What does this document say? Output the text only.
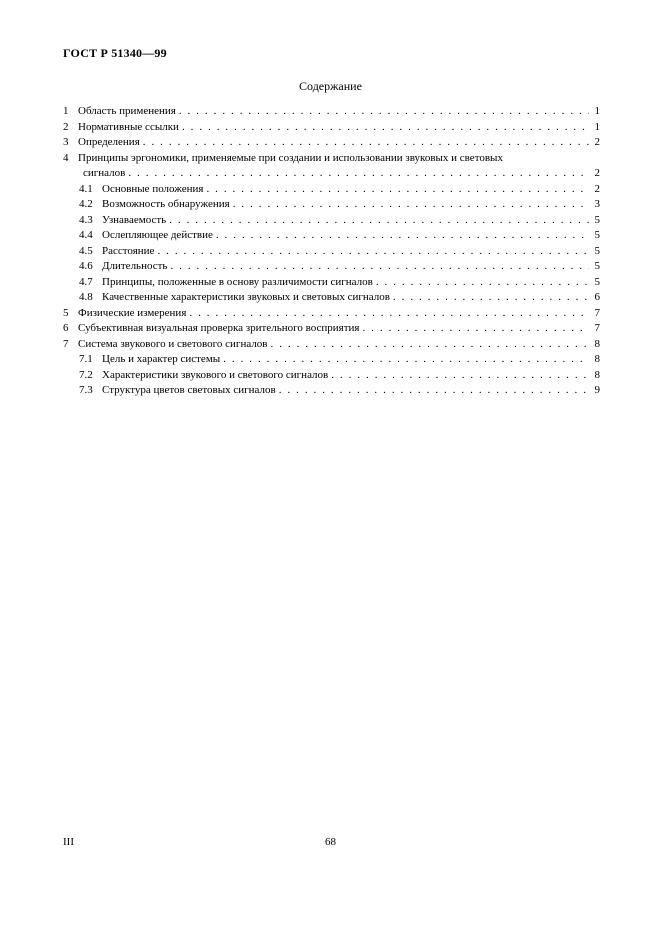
ГОСТ Р 51340—99
Содержание
1 Область применения . . .	1
2 Нормативные ссылки . . .	1
3 Определения . . .	2
4 Принципы эргономики, применяемые при создании и использовании звуковых и световых
сигналов . . .	2
4.1 Основные положения . . .	2
4.2 Возможность обнаружения . . .	3
4.3 Узнаваемость . . .	5
4.4 Ослепляющее действие . . .	5
4.5 Расстояние . . .	5
4.6 Длительность . . .	5
4.7 Принципы, положенные в основу различимости сигналов . . .	5
4.8 Качественные характеристики звуковых и световых сигналов . . .	6
5 Физические измерения . . .	7
6 Субъективная визуальная проверка зрительного восприятия . . .	7
7 Система звукового и светового сигналов . . .	8
7.1 Цель и характер системы . . .	8
7.2 Характеристики звукового и светового сигналов . . .	8
7.3 Структура цветов световых сигналов . . .	9
III	68
